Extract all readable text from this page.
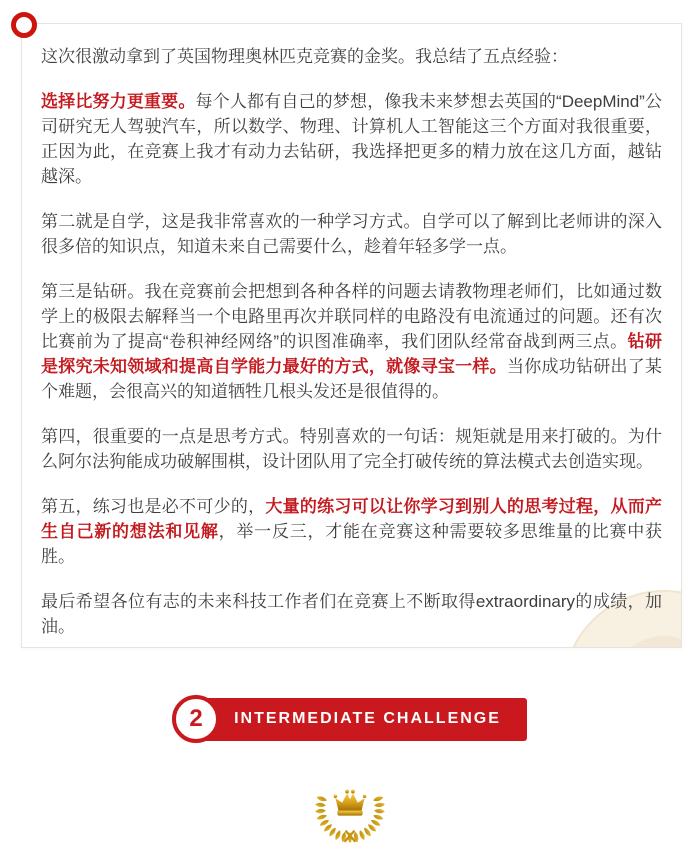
这次很激动拿到了英国物理奥林匹克竞赛的金奖。我总结了五点经验：

选择比努力更重要。每个人都有自己的梦想，像我未来梦想去英国的“DeepMind”公司研究无人驾驶汽车，所以数学、物理、计算机人工智能这三个方面对我很重要，正因为此，在竞赛上我才有动力去钻研，我选择把更多的精力放在这几方面，越钻越深。

第二就是自学，这是我非常喜欢的一种学习方式。自学可以了解到比老师讲的深入很多倍的知识点，知道未来自己需要什么，趁着年轻多学一点。

第三是钻研。我在竞赛前会把想到各种各样的问题去请教物理老师们，比如通过数学上的极限去解释当一个电路里再次并联同样的电路没有电流通过的问题。还有次比赛前为了提高“卷积神经网络”的识图准确率，我们团队经常奋战到两三点。钻研是探究未知领域和提高自学能力最好的方式，就像寻宝一样。当你成功钻研出了某个难题，会很高兴的知道牺牲几根头发还是很值得的。

第四，很重要的一点是思考方式。特别喜欢的一句话：规矩就是用来打破的。为什么阿尔法狗能成功破解围棋，设计团队用了完全打破传统的算法模式去创造实现。

第五，练习也是必不可少的，大量的练习可以让你学习到别人的思考过程，从而产生自己新的想法和见解，举一反三，才能在竞赛这种需要较多思维量的比赛中获胜。

最后希望各位有志的未来科技工作者们在竞赛上不断取得extraordinary的成绩，加油。

2 INTERMEDIATE CHALLENGE
